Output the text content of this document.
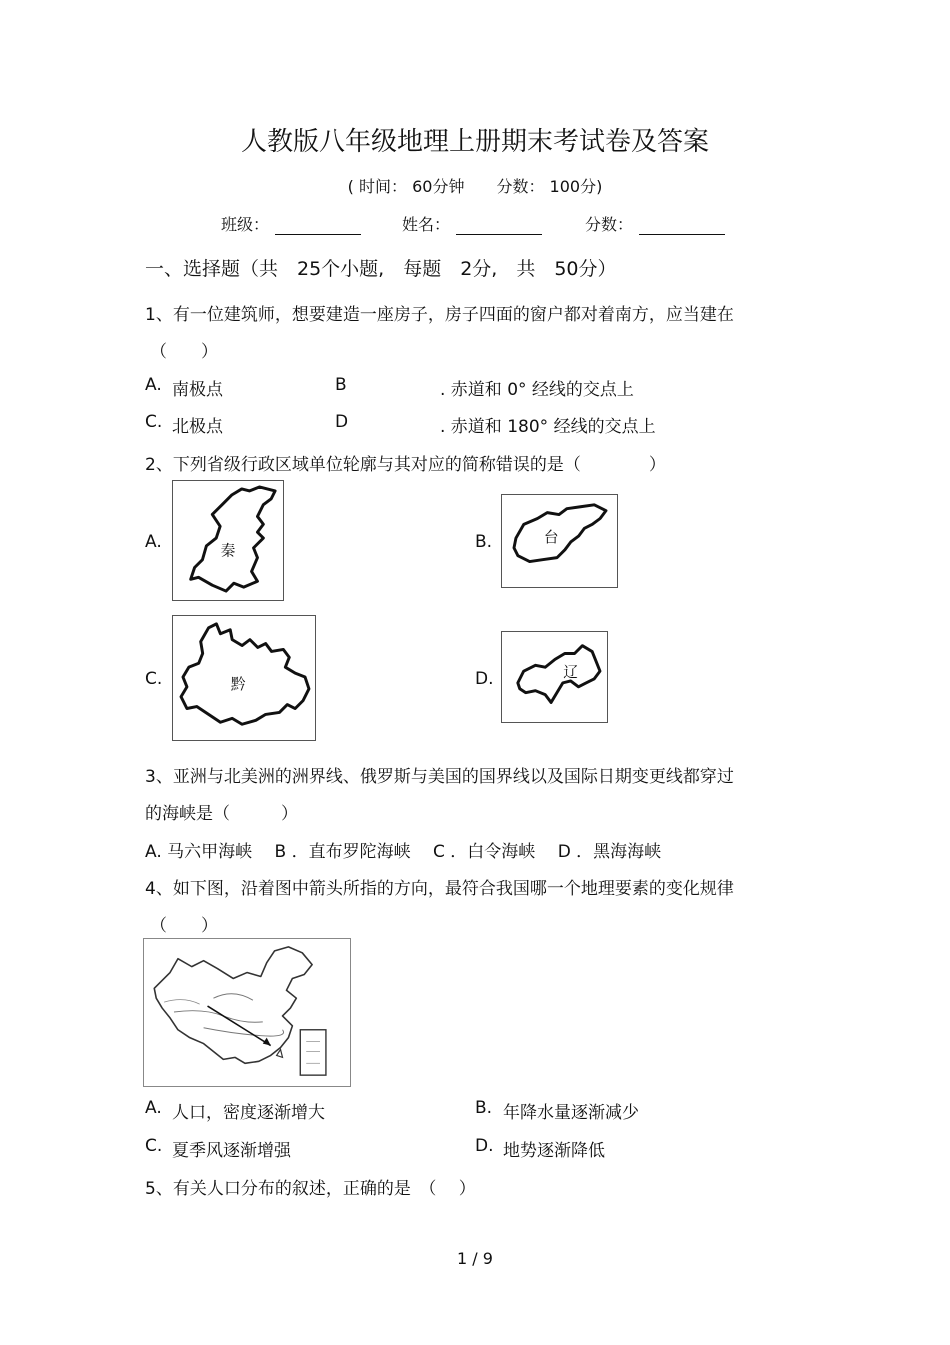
人教版八年级地理上册期末考试卷及答案
( 时间： 60分钟　　分数： 100分)
班级：	姓名：	分数：
一、选择题（共　25个小题,　每题　2分,　共　50分）
1、有一位建筑师，想要建造一座房子，房子四面的窗户都对着南方，应当建在
（　　）
A. 南极点	B	. 赤道和 0° 经线的交点上
C. 北极点	D	. 赤道和 180° 经线的交点上
2、下列省级行政区域单位轮廓与其对应的简称错误的是（　　　　）
A.	秦	B.	台
C.	黔	D.	辽
3、亚洲与北美洲的洲界线、俄罗斯与美国的国界线以及国际日期变更线都穿过
的海峡是（　　　）
A. 马六甲海峡　 B ．直布罗陀海峡　 C ．白令海峡　 D ．黑海海峡
4、如下图，沿着图中箭头所指的方向，最符合我国哪一个地理要素的变化规律
（　　）
A. 人口，密度逐渐增大	B. 年降水量逐渐减少
C. 夏季风逐渐增强	D. 地势逐渐降低
5、有关人口分布的叙述，正确的是　（　 ）
1 / 9
